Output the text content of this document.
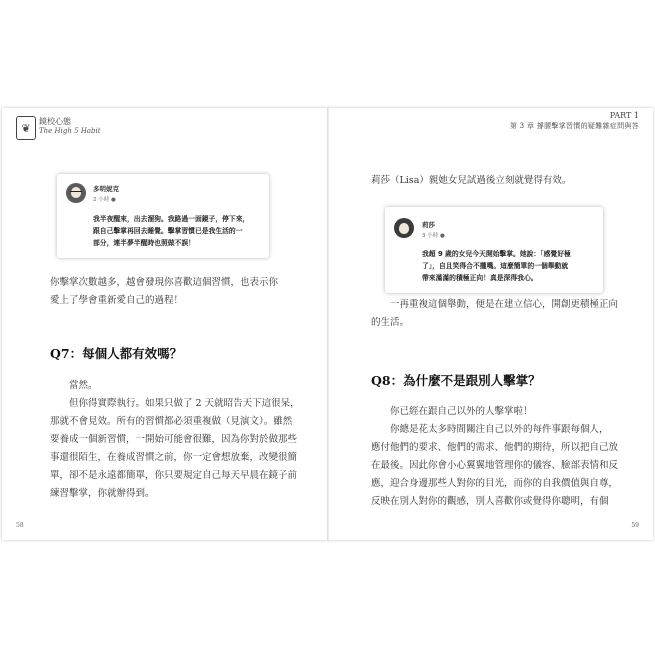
❦	鏡校心態
The High 5 Habit
多明妮克
2 小時 ●
我半夜醒來，出去溜狗。我路過一面鏡子，停下來，
跟自己擊掌再回去睡覺。擊掌習慣已是我生活的一
部分，連半夢半醒時也照做不誤！
你擊掌次數越多，越會發現你喜歡這個習慣，也表示你
愛上了學會重新愛自己的過程！
Q7：每個人都有效嗎？
當然。
但你得實際執行。如果只做了 2 天就昭告天下這很呆，
那就不會見效。所有的習慣都必須重複做（見演文）。雖然
要養成一個新習慣，一開始可能會很難，因為你對於做那些
事還很陌生，在養成習慣之前，你一定會想放棄，改變很簡
單，卻不是永遠都簡單，你只要規定自己每天早晨在鏡子前
練習擊掌，你就辦得到。
58
PART 1
第 3 章 撐腰擊掌習慣的疑難雜症問與答
莉莎（Lisa）親她女兒試過後立刻就覺得有效。
莉莎
3 小時 ●
我超 9 歲的女兒今天開始擊掌。她說：「感覺好極
了」，自且笑得合不攏嘴。這麼簡單的一個舉動就
帶來滿滿的積極正向！真是深得我心。
一再重複這個舉動，便是在建立信心，開創更積極正向
的生活。
Q8：為什麼不是跟別人擊掌？
你已經在跟自己以外的人擊掌啦！
你總是花太多時間關注自己以外的每件事跟每個人，
應付他們的要求、他們的需求、他們的期待，所以把自己放
在最後。因此你會小心翼翼地管理你的儀容、臉部表情和反
應，迎合身邊那些人對你的目光，而你的自我價值與自尊，
反映在別人對你的觀感，別人喜歡你或覺得你聰明，有個
59
